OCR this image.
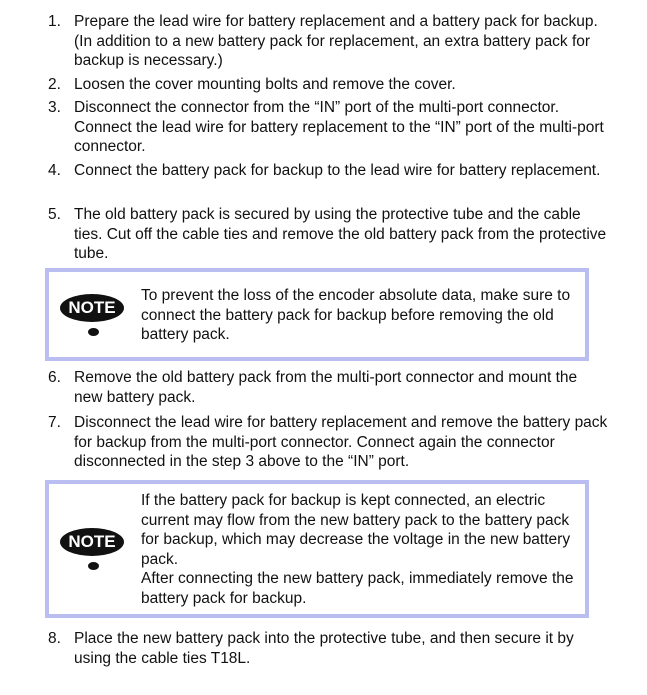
1. Prepare the lead wire for battery replacement and a battery pack for backup. (In addition to a new battery pack for replacement, an extra battery pack for backup is necessary.)
2. Loosen the cover mounting bolts and remove the cover.
3. Disconnect the connector from the “IN” port of the multi-port connector. Connect the lead wire for battery replacement to the “IN” port of the multi-port connector.
4. Connect the battery pack for backup to the lead wire for battery replacement.
5. The old battery pack is secured by using the protective tube and the cable ties. Cut off the cable ties and remove the old battery pack from the protective tube.
NOTE
To prevent the loss of the encoder absolute data, make sure to connect the battery pack for backup before removing the old battery pack.
6. Remove the old battery pack from the multi-port connector and mount the new battery pack.
7. Disconnect the lead wire for battery replacement and remove the battery pack for backup from the multi-port connector. Connect again the connector disconnected in the step 3 above to the “IN” port.
NOTE
If the battery pack for backup is kept connected, an electric current may flow from the new battery pack to the battery pack for backup, which may decrease the voltage in the new battery pack.
After connecting the new battery pack, immediately remove the battery pack for backup.
8. Place the new battery pack into the protective tube, and then secure it by using the cable ties T18L.
